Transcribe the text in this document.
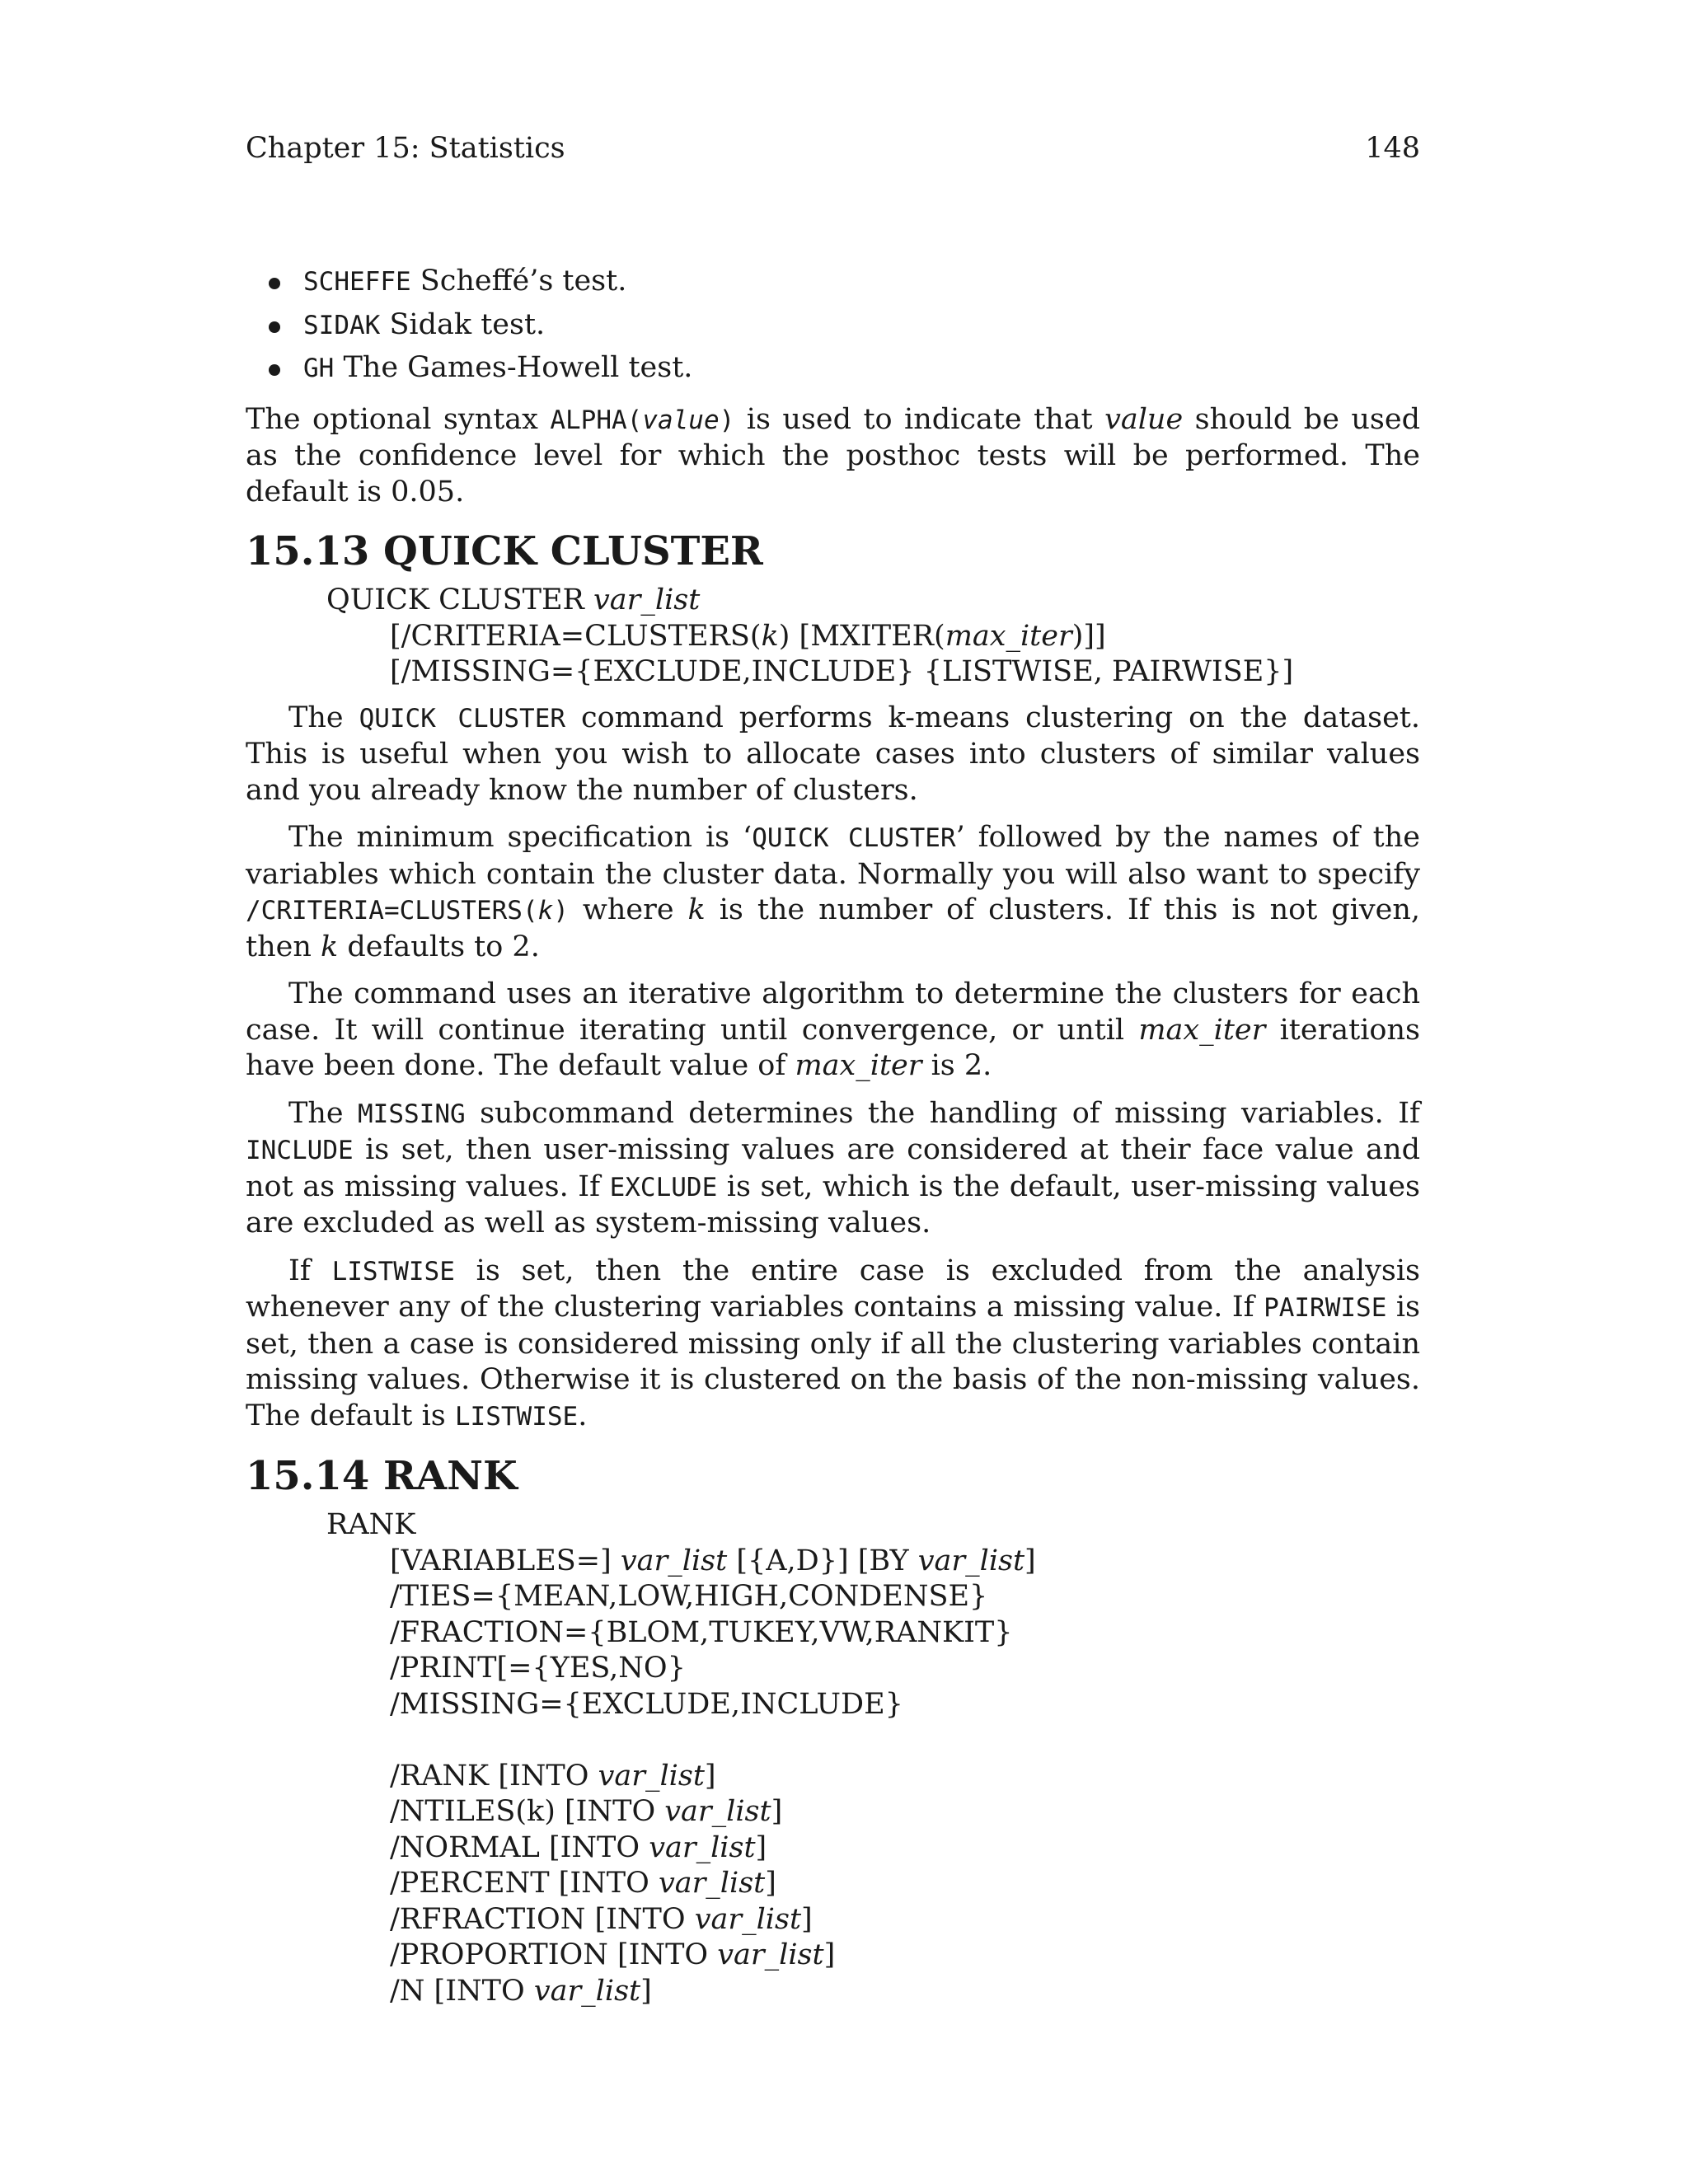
Chapter 15: Statistics	148
SCHEFFE Scheffé’s test.
SIDAK Sidak test.
GH The Games-Howell test.

The optional syntax ALPHA(value) is used to indicate that value should be used as the confidence level for which the posthoc tests will be performed. The default is 0.05.

15.13 QUICK CLUSTER
QUICK CLUSTER var_list
[/CRITERIA=CLUSTERS(k) [MXITER(max_iter)]]
[/MISSING={EXCLUDE,INCLUDE} {LISTWISE, PAIRWISE}]

The QUICK CLUSTER command performs k-means clustering on the dataset. This is useful when you wish to allocate cases into clusters of similar values and you already know the number of clusters.

The minimum specification is ‘QUICK CLUSTER’ followed by the names of the variables which contain the cluster data. Normally you will also want to specify /CRITERIA=CLUSTERS(k) where k is the number of clusters. If this is not given, then k defaults to 2.

The command uses an iterative algorithm to determine the clusters for each case. It will continue iterating until convergence, or until max_iter iterations have been done. The default value of max_iter is 2.

The MISSING subcommand determines the handling of missing variables. If INCLUDE is set, then user-missing values are considered at their face value and not as missing values. If EXCLUDE is set, which is the default, user-missing values are excluded as well as system-missing values.

If LISTWISE is set, then the entire case is excluded from the analysis whenever any of the clustering variables contains a missing value. If PAIRWISE is set, then a case is considered missing only if all the clustering variables contain missing values. Otherwise it is clustered on the basis of the non-missing values. The default is LISTWISE.

15.14 RANK
RANK
[VARIABLES=] var_list [{A,D}] [BY var_list]
/TIES={MEAN,LOW,HIGH,CONDENSE}
/FRACTION={BLOM,TUKEY,VW,RANKIT}
/PRINT[={YES,NO}
/MISSING={EXCLUDE,INCLUDE}
/RANK [INTO var_list]
/NTILES(k) [INTO var_list]
/NORMAL [INTO var_list]
/PERCENT [INTO var_list]
/RFRACTION [INTO var_list]
/PROPORTION [INTO var_list]
/N [INTO var_list]
